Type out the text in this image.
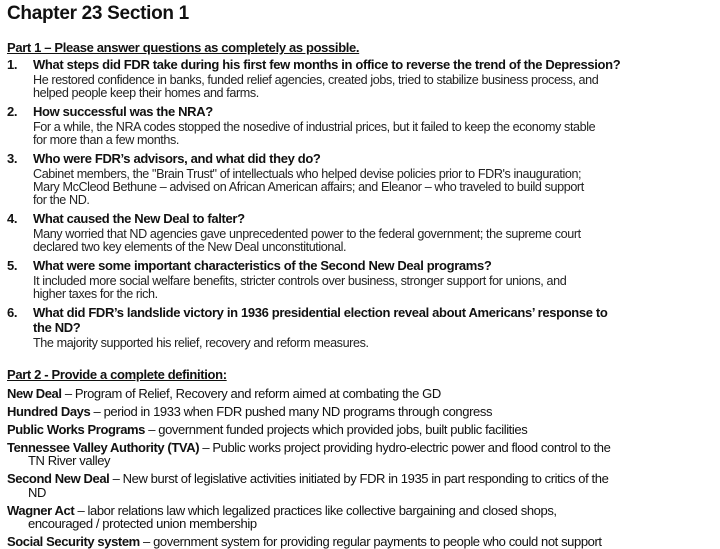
Chapter 23 Section 1
Part 1 – Please answer questions as completely as possible.
1.	What steps did FDR take during his first few months in office to reverse the trend of the Depression?
He restored confidence in banks, funded relief agencies, created jobs, tried to stabilize business process, and
helped people keep their homes and farms.
2.	How successful was the NRA?
For a while, the NRA codes stopped the nosedive of industrial prices, but it failed to keep the economy stable
for more than a few months.
3.	Who were FDR’s advisors, and what did they do?
Cabinet members, the "Brain Trust" of intellectuals who helped devise policies prior to FDR's inauguration;
Mary McCleod Bethune – advised on African American affairs; and Eleanor – who traveled to build support
for the ND.
4.	What caused the New Deal to falter?
Many worried that ND agencies gave unprecedented power to the federal government; the supreme court
declared two key elements of the New Deal unconstitutional.
5.	What were some important characteristics of the Second New Deal programs?
It included more social welfare benefits, stricter controls over business, stronger support for unions, and
higher taxes for the rich.
6.	What did FDR’s landslide victory in 1936 presidential election reveal about Americans’ response to
the ND?
The majority supported his relief, recovery and reform measures.
Part 2 - Provide a complete definition:
New Deal – Program of Relief, Recovery and reform aimed at combating the GD
Hundred Days – period in 1933 when FDR pushed many ND programs through congress
Public Works Programs – government funded projects which provided jobs, built public facilities
Tennessee Valley Authority (TVA) – Public works project providing hydro-electric power and flood control to the
TN River valley
Second New Deal – New burst of legislative activities initiated by FDR in 1935 in part responding to critics of the
ND
Wagner Act – labor relations law which legalized practices like collective bargaining and closed shops,
encouraged / protected union membership
Social Security system – government system for providing regular payments to people who could not support
